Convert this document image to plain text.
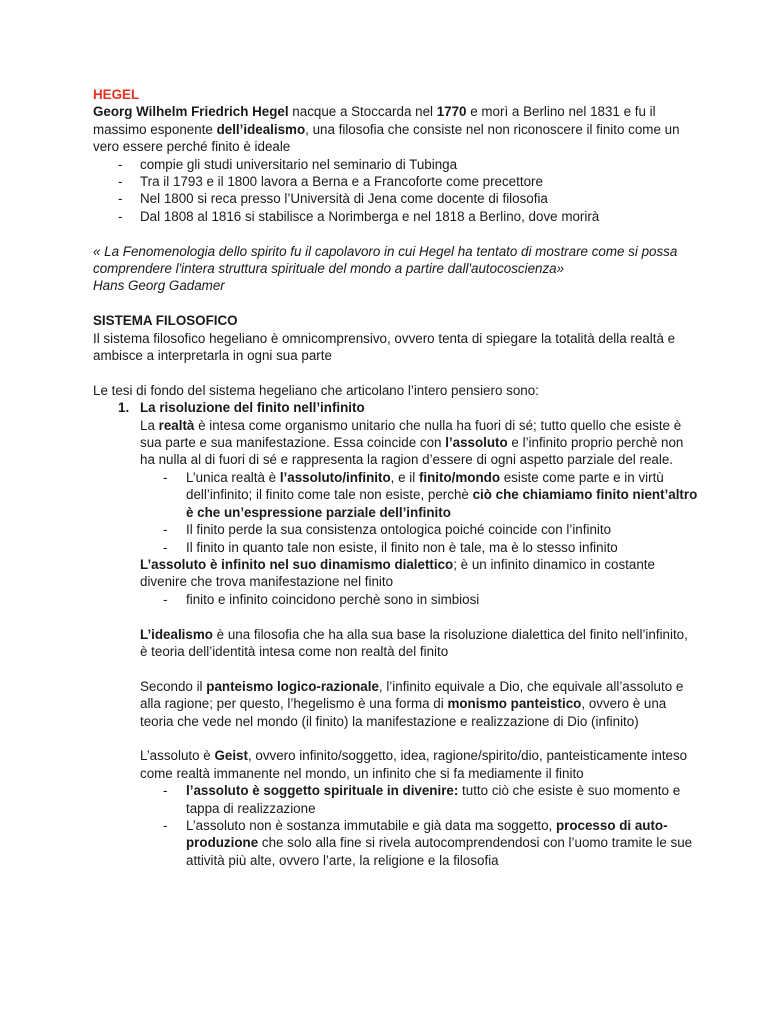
HEGEL

Georg Wilhelm Friedrich Hegel nacque a Stoccarda nel 1770 e morì a Berlino nel 1831 e fu il massimo esponente dell’idealismo, una filosofia che consiste nel non riconoscere il finito come un vero essere perché finito è ideale

- compie gli studi universitario nel seminario di Tubinga
- Tra il 1793 e il 1800 lavora a Berna e a Francoforte come precettore
- Nel 1800 si reca presso l’Università di Jena come docente di filosofia
- Dal 1808 al 1816 si stabilisce a Norimberga e nel 1818 a Berlino, dove morirà

« La Fenomenologia dello spirito fu il capolavoro in cui Hegel ha tentato di mostrare come si possa comprendere l'intera struttura spirituale del mondo a partire dall'autocoscienza»

Hans Georg Gadamer

SISTEMA FILOSOFICO

Il sistema filosofico hegeliano è omnicomprensivo, ovvero tenta di spiegare la totalità della realtà e ambisce a interpretarla in ogni sua parte

Le tesi di fondo del sistema hegeliano che articolano l’intero pensiero sono:

1. La risoluzione del finito nell’infinito

La realtà è intesa come organismo unitario che nulla ha fuori di sé; tutto quello che esiste è sua parte e sua manifestazione. Essa coincide con l’assoluto e l’infinito proprio perchè non ha nulla al di fuori di sé e rappresenta la ragion d’essere di ogni aspetto parziale del reale.

- L’unica realtà è l’assoluto/infinito, e il finito/mondo esiste come parte e in virtù dell’infinito; il finito come tale non esiste, perchè ciò che chiamiamo finito nient’altro è che un’espressione parziale dell’infinito
- Il finito perde la sua consistenza ontologica poiché coincide con l’infinito
- Il finito in quanto tale non esiste, il finito non è tale, ma è lo stesso infinito

L’assoluto è infinito nel suo dinamismo dialettico; è un infinito dinamico in costante divenire che trova manifestazione nel finito

- finito e infinito coincidono perchè sono in simbiosi

L’idealismo è una filosofia che ha alla sua base la risoluzione dialettica del finito nell’infinito, è teoria dell’identità intesa come non realtà del finito

Secondo il panteismo logico-razionale, l’infinito equivale a Dio, che equivale all’assoluto e alla ragione; per questo, l’hegelismo è una forma di monismo panteistico, ovvero è una teoria che vede nel mondo (il finito) la manifestazione e realizzazione di Dio (infinito)

L’assoluto è Geist, ovvero infinito/soggetto, idea, ragione/spirito/dio, panteisticamente inteso come realtà immanente nel mondo, un infinito che si fa mediamente il finito

- l’assoluto è soggetto spirituale in divenire: tutto ciò che esiste è suo momento e tappa di realizzazione
- L’assoluto non è sostanza immutabile e già data ma soggetto, processo di auto-produzione che solo alla fine si rivela autocomprendendosi con l’uomo tramite le sue attività più alte, ovvero l’arte, la religione e la filosofia
